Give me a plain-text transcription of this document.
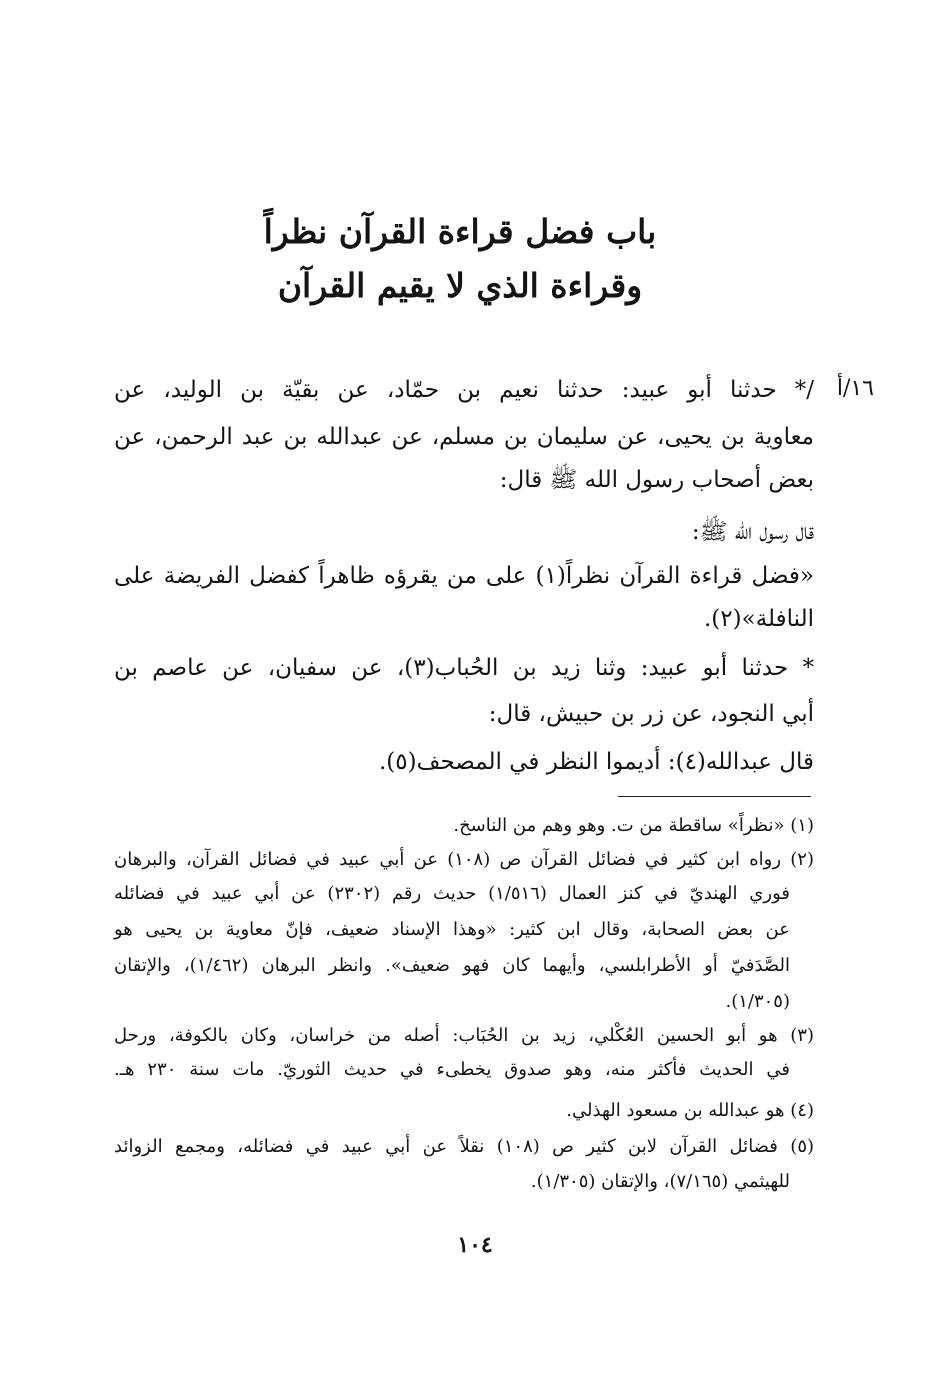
باب فضل قراءة القرآن نظراً
وقراءة الذي لا يقيم القرآن
١٦/أ
/* حدثنا أبو عبيد: حدثنا نعيم بن حمّاد، عن بقيّة بن الوليد، عن
معاوية بن يحيى، عن سليمان بن مسلم، عن عبدالله بن عبد الرحمن، عن
بعض أصحاب رسول الله ﷺ قال:
قال رسول الله ﷺ:
«فضل قراءة القرآن نظراً(١) على من يقرؤه ظاهراً كفضل الفريضة على
النافلة»(٢).
* حدثنا أبو عبيد: وثنا زيد بن الحُباب(٣)، عن سفيان، عن عاصم بن
أبي النجود، عن زر بن حبيش، قال:
قال عبدالله(٤): أديموا النظر في المصحف(٥).
(١) «نظراً» ساقطة من ت. وهو وهم من الناسخ.
(٢) رواه ابن كثير في فضائل القرآن ص (١٠٨) عن أبي عبيد في فضائل القرآن، والبرهان
فوري الهنديّ في كنز العمال (١/٥١٦) حديث رقم (٢٣٠٢) عن أبي عبيد في فضائله
عن بعض الصحابة، وقال ابن كثير: «وهذا الإسناد ضعيف، فإنّ معاوية بن يحيى هو
الصَّدَفيّ أو الأطرابلسي، وأيهما كان فهو ضعيف». وانظر البرهان (١/٤٦٢)، والإتقان
(١/٣٠٥).
(٣) هو أبو الحسين العُكْلي، زيد بن الحُبَاب: أصله من خراسان، وكان بالكوفة، ورحل
في الحديث فأكثر منه، وهو صدوق يخطىء في حديث الثوريّ. مات سنة ٢٣٠ هـ.
(٤) هو عبدالله بن مسعود الهذلي.
(٥) فضائل القرآن لابن كثير ص (١٠٨) نقلاً عن أبي عبيد في فضائله، ومجمع الزوائد
للهيثمي (٧/١٦٥)، والإتقان (١/٣٠٥).
١٠٤
